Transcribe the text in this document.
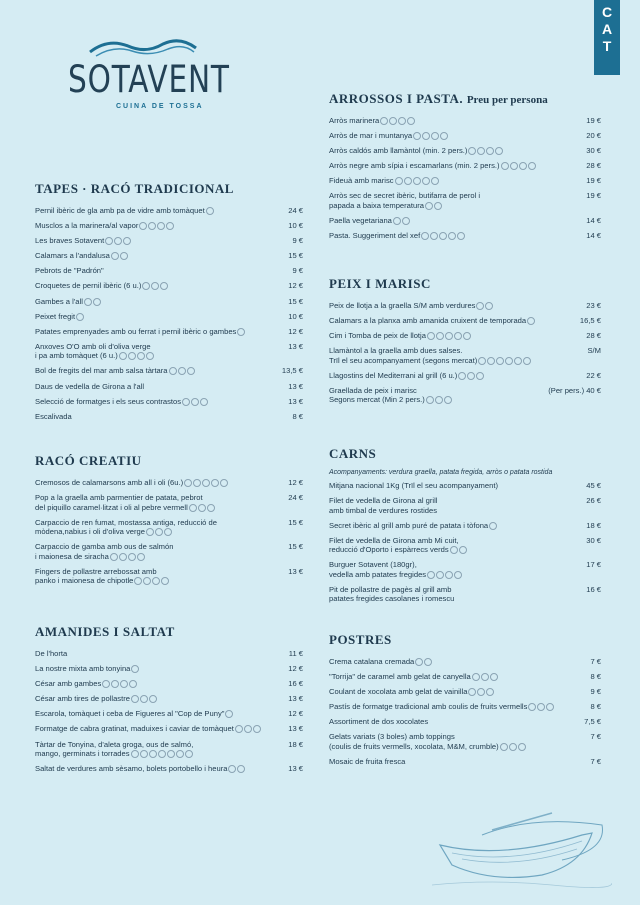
C
A
T
SOTAVENT
CUINA DE TOSSA
TAPES · RACÓ TRADICIONAL
Pernil ibèric de gla amb pa de vidre amb tomàquet	24 €
Musclos a la marinera/al vapor	10 €
Les braves Sotavent	9 €
Calamars a l'andalusa	15 €
Pebrots de "Padrón"	9 €
Croquetes de pernil ibèric (6 u.)	12 €
Gambes a l'all	15 €
Peixet fregit	10 €
Patates emprenyades amb ou ferrat i pernil ibèric o gambes	12 €
Anxoves O'O amb oli d'oliva verge
i pa amb tomàquet (6 u.)
13 €
Bol de fregits del mar amb salsa tàrtara	13,5 €
Daus de vedella de Girona a l'all	13 €
Selecció de formatges i els seus contrastos	13 €
Escalivada	8 €
RACÓ CREATIU
Cremosos de calamarsons amb all i oli (6u.)	12 €
Pop a la graella amb parmentier de patata, pebrot
del piquillo caramel·litzat i oli al pebre vermell
24 €
Carpaccio de ren fumat, mostassa antiga, reducció de
mòdena,nabius i oli d'oliva verge
15 €
Carpaccio de gamba amb ous de salmón
i maionesa de siracha
15 €
Fingers de pollastre arrebossat amb
panko i maionesa de chipotle
13 €
AMANIDES I SALTAT
De l'horta	11 €
La nostre mixta amb tonyina	12 €
César amb gambes	16 €
César amb tires de pollastre	13 €
Escarola, tomàquet i ceba de Figueres al "Cop de Puny"	12 €
Formatge de cabra gratinat, maduixes i caviar de tomàquet	13 €
Tàrtar de Tonyina, d'aleta groga, ous de salmó,
mango, germinats i torrades
18 €
Saltat de verdures amb sèsamo, bolets portobello i heura	13 €
ARROSSOS I PASTA. Preu per persona
Arròs marinera	19 €
Arròs de mar i muntanya	20 €
Arròs caldós amb llamàntol (min. 2 pers.)	30 €
Arròs negre amb sípia i escamarlans (min. 2 pers.)	28 €
Fideuà amb marisc	19 €
Arròs sec de secret ibèric, butifarra de perol i
papada a baixa temperatura
19 €
Paella vegetariana	14 €
Pasta. Suggeriment del xef	14 €
PEIX I MARISC
Peix de llotja a la graella S/M amb verdures	23 €
Calamars a la planxa amb amanida cruixent de temporada	16,5 €
Cim i Tomba de peix de llotja	28 €
Llamàntol a la graella amb dues salses.
Trïl el seu acompanyament (segons mercat)
S/M
Llagostins del Mediterrani al grill (6 u.)	22 €
Graellada de peix i marisc
Segons mercat (Min 2 pers.)
(Per pers.) 40 €
CARNS
Acompanyaments: verdura graella, patata fregida, arròs o patata rostida
Mitjana nacional 1Kg (Trïl el seu acompanyament)	45 €
Filet de vedella de Girona al grill
amb timbal de verdures rostides
26 €
Secret ibèric al grill amb puré de patata i tòfona	18 €
Filet de vedella de Girona amb Mi cuit,
reducció d'Oporto i espàrrecs verds
30 €
Burguer Sotavent (180gr),
vedella amb patates fregides
17 €
Pit de pollastre de pagès al grill amb
patates fregides casolanes i romescu
16 €
POSTRES
Crema catalana cremada	7 €
"Torrija" de caramel amb gelat de canyella	8 €
Coulant de xocolata amb gelat de vainilla	9 €
Pastís de formatge tradicional amb coulis de fruits vermells	8 €
Assortiment de dos xocolates	7,5 €
Gelats variats (3 boles) amb toppings
(coulis de fruits vermells, xocolata, M&M, crumble)
7 €
Mosaic de fruita fresca	7 €
